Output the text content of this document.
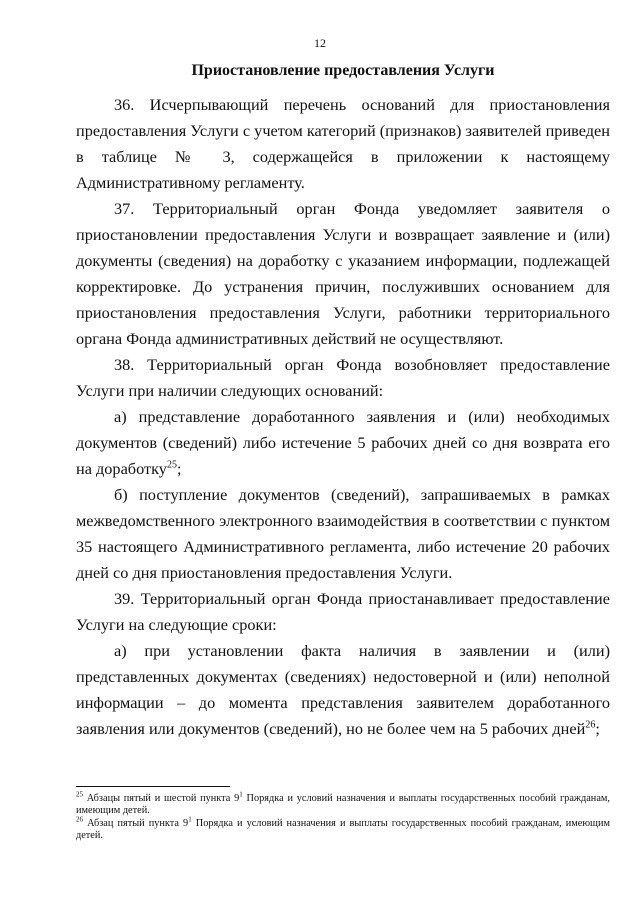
12
Приостановление предоставления Услуги

36. Исчерпывающий перечень оснований для приостановления предоставления Услуги с учетом категорий (признаков) заявителей приведен в таблице № 3, содержащейся в приложении к настоящему Административному регламенту.

37. Территориальный орган Фонда уведомляет заявителя о приостановлении предоставления Услуги и возвращает заявление и (или) документы (сведения) на доработку с указанием информации, подлежащей корректировке. До устранения причин, послуживших основанием для приостановления предоставления Услуги, работники территориального органа Фонда административных действий не осуществляют.

38. Территориальный орган Фонда возобновляет предоставление Услуги при наличии следующих оснований:

а) представление доработанного заявления и (или) необходимых документов (сведений) либо истечение 5 рабочих дней со дня возврата его на доработку$^{25}$;

б) поступление документов (сведений), запрашиваемых в рамках межведомственного электронного взаимодействия в соответствии с пунктом 35 настоящего Административного регламента, либо истечение 20 рабочих дней со дня приостановления предоставления Услуги.

39. Территориальный орган Фонда приостанавливает предоставление Услуги на следующие сроки:

а) при установлении факта наличия в заявлении и (или) представленных документах (сведениях) недостоверной и (или) неполной информации – до момента представления заявителем доработанного заявления или документов (сведений), но не более чем на 5 рабочих дней$^{26}$;

$^{25}$ Абзацы пятый и шестой пункта $9^1$ Порядка и условий назначения и выплаты государственных пособий гражданам, имеющим детей.

$^{26}$ Абзац пятый пункта $9^1$ Порядка и условий назначения и выплаты государственных пособий гражданам, имеющим детей.
